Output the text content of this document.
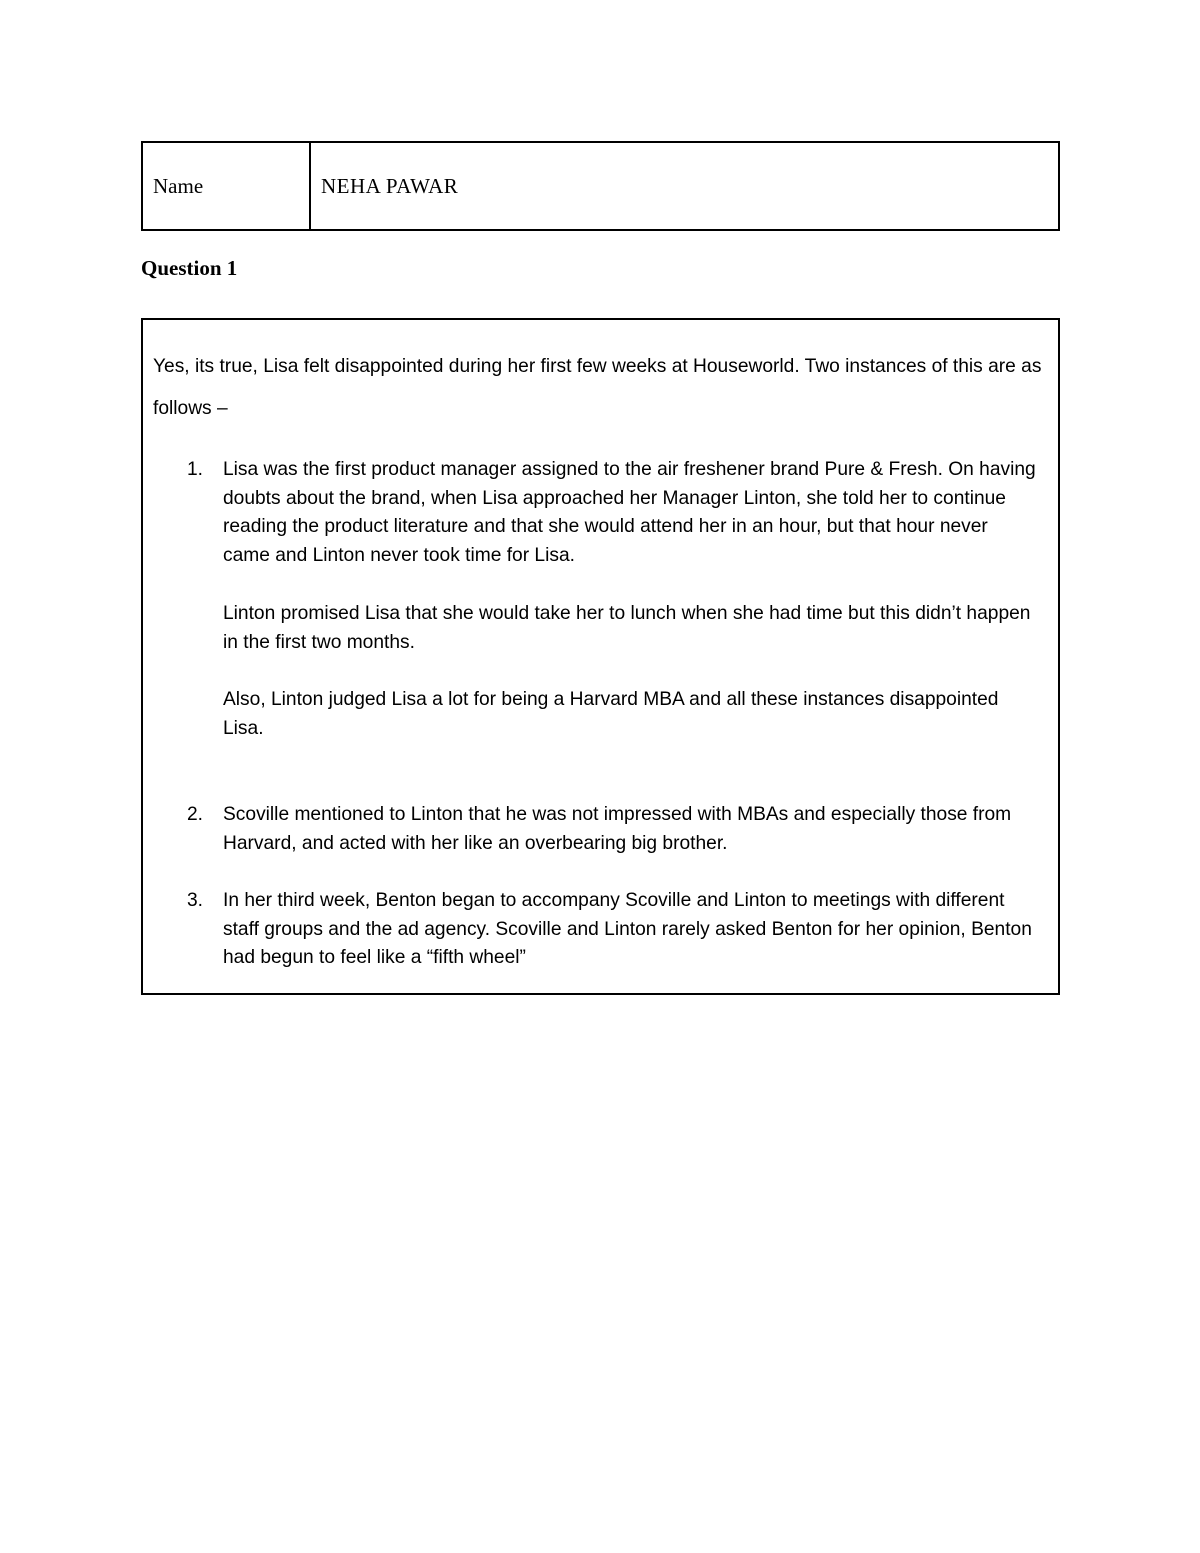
Name	NEHA PAWAR
Question 1

Yes, its true, Lisa felt disappointed during her first few weeks at Houseworld. Two instances of this are as follows –

1. Lisa was the first product manager assigned to the air freshener brand Pure & Fresh. On having doubts about the brand, when Lisa approached her Manager Linton, she told her to continue reading the product literature and that she would attend her in an hour, but that hour never came and Linton never took time for Lisa.

Linton promised Lisa that she would take her to lunch when she had time but this didn’t happen in the first two months.

Also, Linton judged Lisa a lot for being a Harvard MBA and all these instances disappointed Lisa.

2. Scoville mentioned to Linton that he was not impressed with MBAs and especially those from Harvard, and acted with her like an overbearing big brother.

3. In her third week, Benton began to accompany Scoville and Linton to meetings with different staff groups and the ad agency. Scoville and Linton rarely asked Benton for her opinion, Benton had begun to feel like a “fifth wheel”
